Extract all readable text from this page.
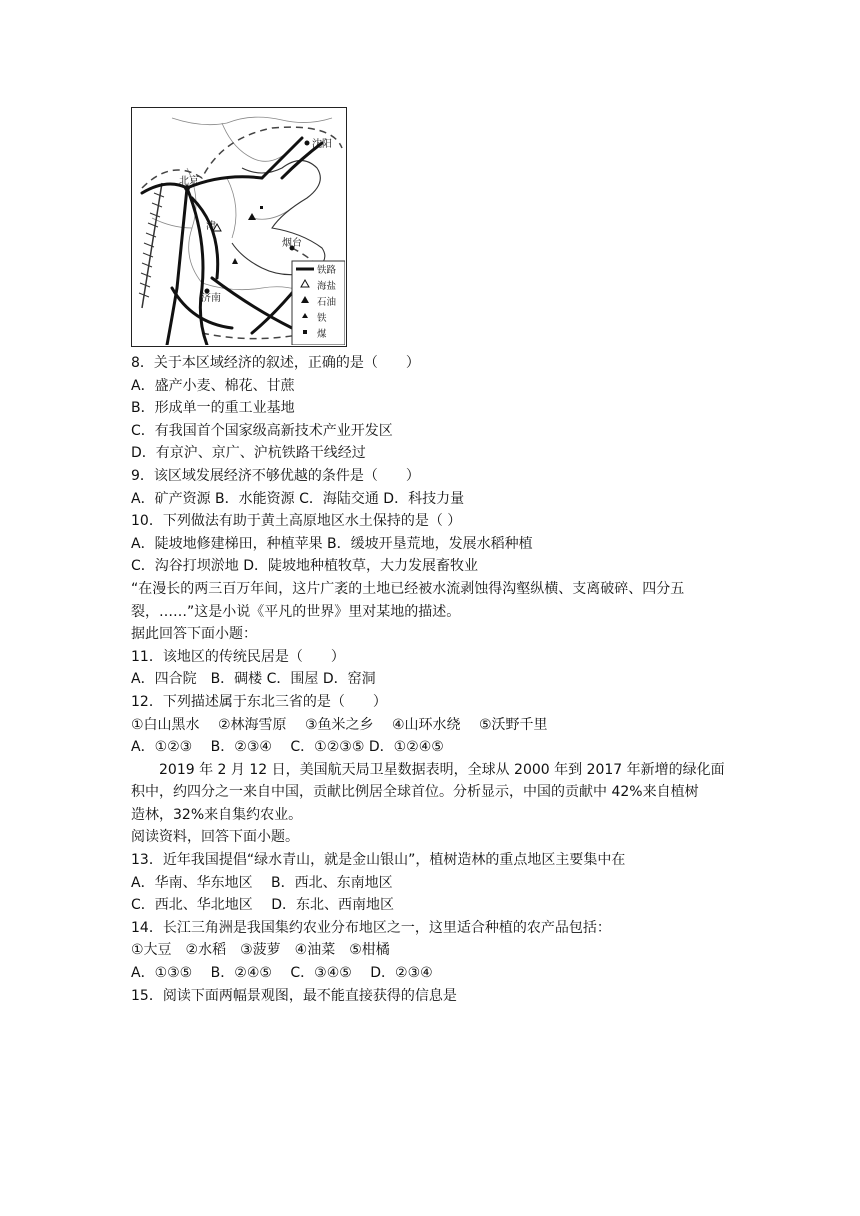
北京
沈阳
津
烟台
济南
铁路
海盐
石油
铁
煤
8．关于本区域经济的叙述，正确的是（　　）
A．盛产小麦、棉花、甘蔗
B．形成单一的重工业基地
C．有我国首个国家级高新技术产业开发区
D．有京沪、京广、沪杭铁路干线经过
9．该区域发展经济不够优越的条件是（　　）
A．矿产资源 B．水能资源 C．海陆交通 D．科技力量
10．下列做法有助于黄土高原地区水土保持的是（ ）
A．陡坡地修建梯田，种植苹果 B．缓坡开垦荒地，发展水稻种植
C．沟谷打坝淤地 D．陡坡地种植牧草，大力发展畜牧业
“在漫长的两三百万年间，这片广袤的土地已经被水流剥蚀得沟壑纵横、支离破碎、四分五
裂，……”这是小说《平凡的世界》里对某地的描述。
据此回答下面小题：
11．该地区的传统民居是（　　）
A．四合院　B．碉楼 C．围屋 D．窑洞
12．下列描述属于东北三省的是（　　）
①白山黑水　 ②林海雪原　 ③鱼米之乡　 ④山环水绕　 ⑤沃野千里
A．①②③　 B．②③④　 C．①②③⑤ D．①②④⑤
2019 年 2 月 12 日，美国航天局卫星数据表明，全球从 2000 年到 2017 年新增的绿化面
积中，约四分之一来自中国，贡献比例居全球首位。分析显示，中国的贡献中 42%来自植树
造林，32%来自集约农业。
阅读资料，回答下面小题。
13．近年我国提倡“绿水青山，就是金山银山”，植树造林的重点地区主要集中在
A．华南、华东地区　 B．西北、东南地区
C．西北、华北地区　 D．东北、西南地区
14．长江三角洲是我国集约农业分布地区之一，这里适合种植的农产品包括：
①大豆　②水稻　③菠萝　④油菜　⑤柑橘
A．①③⑤　 B．②④⑤　 C．③④⑤　 D．②③④
15．阅读下面两幅景观图，最不能直接获得的信息是
